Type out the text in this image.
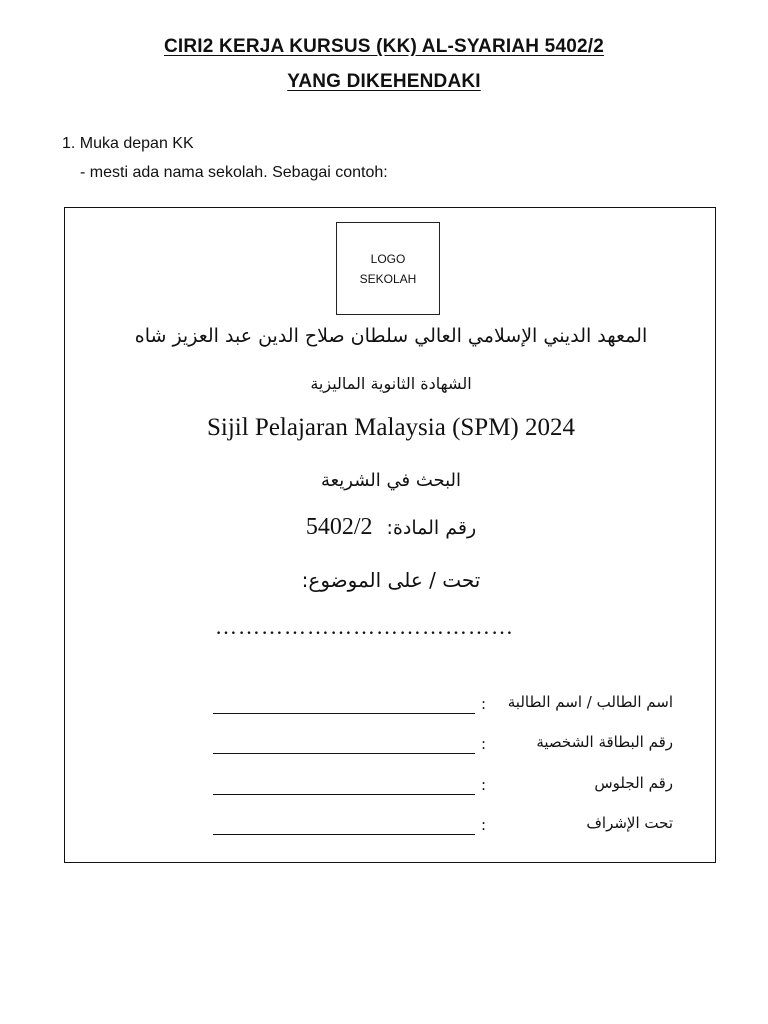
CIRI2 KERJA KURSUS (KK) AL-SYARIAH 5402/2
YANG DIKEHENDAKI
1. Muka depan KK
- mesti ada nama sekolah. Sebagai contoh:
LOGO
SEKOLAH
المعهد الديني الإسلامي العالي سلطان صلاح الدين عبد العزيز شاه
الشهادة الثانوية الماليزية
Sijil Pelajaran Malaysia (SPM) 2024
البحث في الشريعة
رقم المادة: 5402/2
تحت / على الموضوع:
…………………………………
: اسم الطالب / اسم الطالبة
:	رقم البطاقة الشخصية
:	رقم الجلوس
:	تحت الإشراف
